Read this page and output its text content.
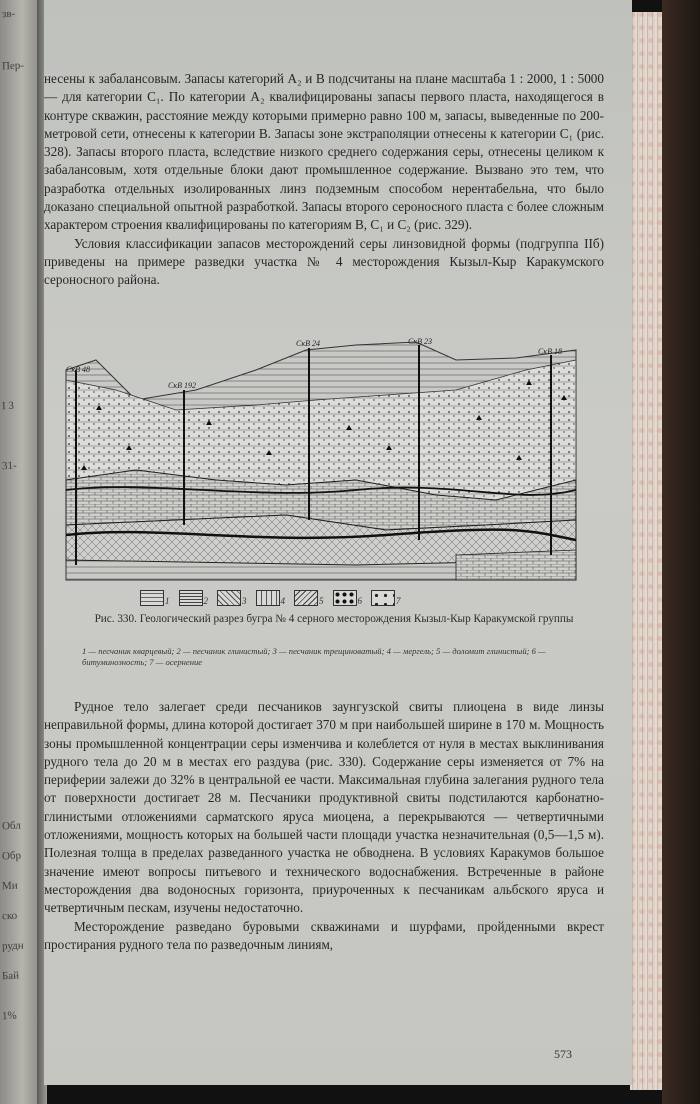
зв-
Пер-
I 3
31-
Обл
Обр
Ми
ско
рудн
Бай
1%

несены к забалансовым. Запасы категорий A₂ и B подсчитаны на плане масштаба 1 : 2000, 1 : 5000 — для категории C₁. По категории A₂ квалифицированы запасы первого пласта, находящегося в контуре скважин, расстояние между которыми примерно равно 100 м, запасы, выведенные по 200-метровой сети, отнесены к категории B. Запасы зоне экстраполяции отнесены к категории C₁ (рис. 328). Запасы второго пласта, вследствие низкого среднего содержания серы, отнесены целиком к забалансовым, хотя отдельные блоки дают промышленное содержание. Вызвано это тем, что разработка отдельных изолированных линз подземным способом нерентабельна, что было доказано специальной опытной разработкой. Запасы второго сероносного пласта с более сложным характером строения квалифицированы по категориям B, C₁ и C₂ (рис. 329).

Условия классификации запасов месторождений серы линзовидной формы (подгруппа IIб) приведены на примере разведки участка № 4 месторождения Кызыл-Кыр Каракумского сероносного района.

СкВ 48
СкВ 192
СкВ 24	СкВ 23
СкВ 18
1	2	3	4	5	6	7
Рис. 330. Геологический разрез бугра № 4 серного месторождения Кызыл-Кыр Каракумской группы
1 — песчаник кварцевый; 2 — песчаник глинистый; 3 — песчаник трещиноватый; 4 — мергель; 5 — доломит глинистый; 6 — битуминозность; 7 — осернение

Рудное тело залегает среди песчаников заунгузской свиты плиоцена в виде линзы неправильной формы, длина которой достигает 370 м при наибольшей ширине в 170 м. Мощность зоны промышленной концентрации серы изменчива и колеблется от нуля в местах выклинивания рудного тела до 20 м в местах его раздува (рис. 330). Содержание серы изменяется от 7% на периферии залежи до 32% в центральной ее части. Максимальная глубина залегания рудного тела от поверхности достигает 28 м. Песчаники продуктивной свиты подстилаются карбонатно-глинистыми отложениями сарматского яруса миоцена, а перекрываются — четвертичными отложениями, мощность которых на большей части площади участка незначительная (0,5—1,5 м). Полезная толща в пределах разведанного участка не обводнена. В условиях Каракумов большое значение имеют вопросы питьевого и технического водоснабжения. Встреченные в районе месторождения два водоносных горизонта, приуроченных к песчаникам альбского яруса и четвертичным пескам, изучены недостаточно.

Месторождение разведано буровыми скважинами и шурфами, пройденными вкрест простирания рудного тела по разведочным линиям,

573
